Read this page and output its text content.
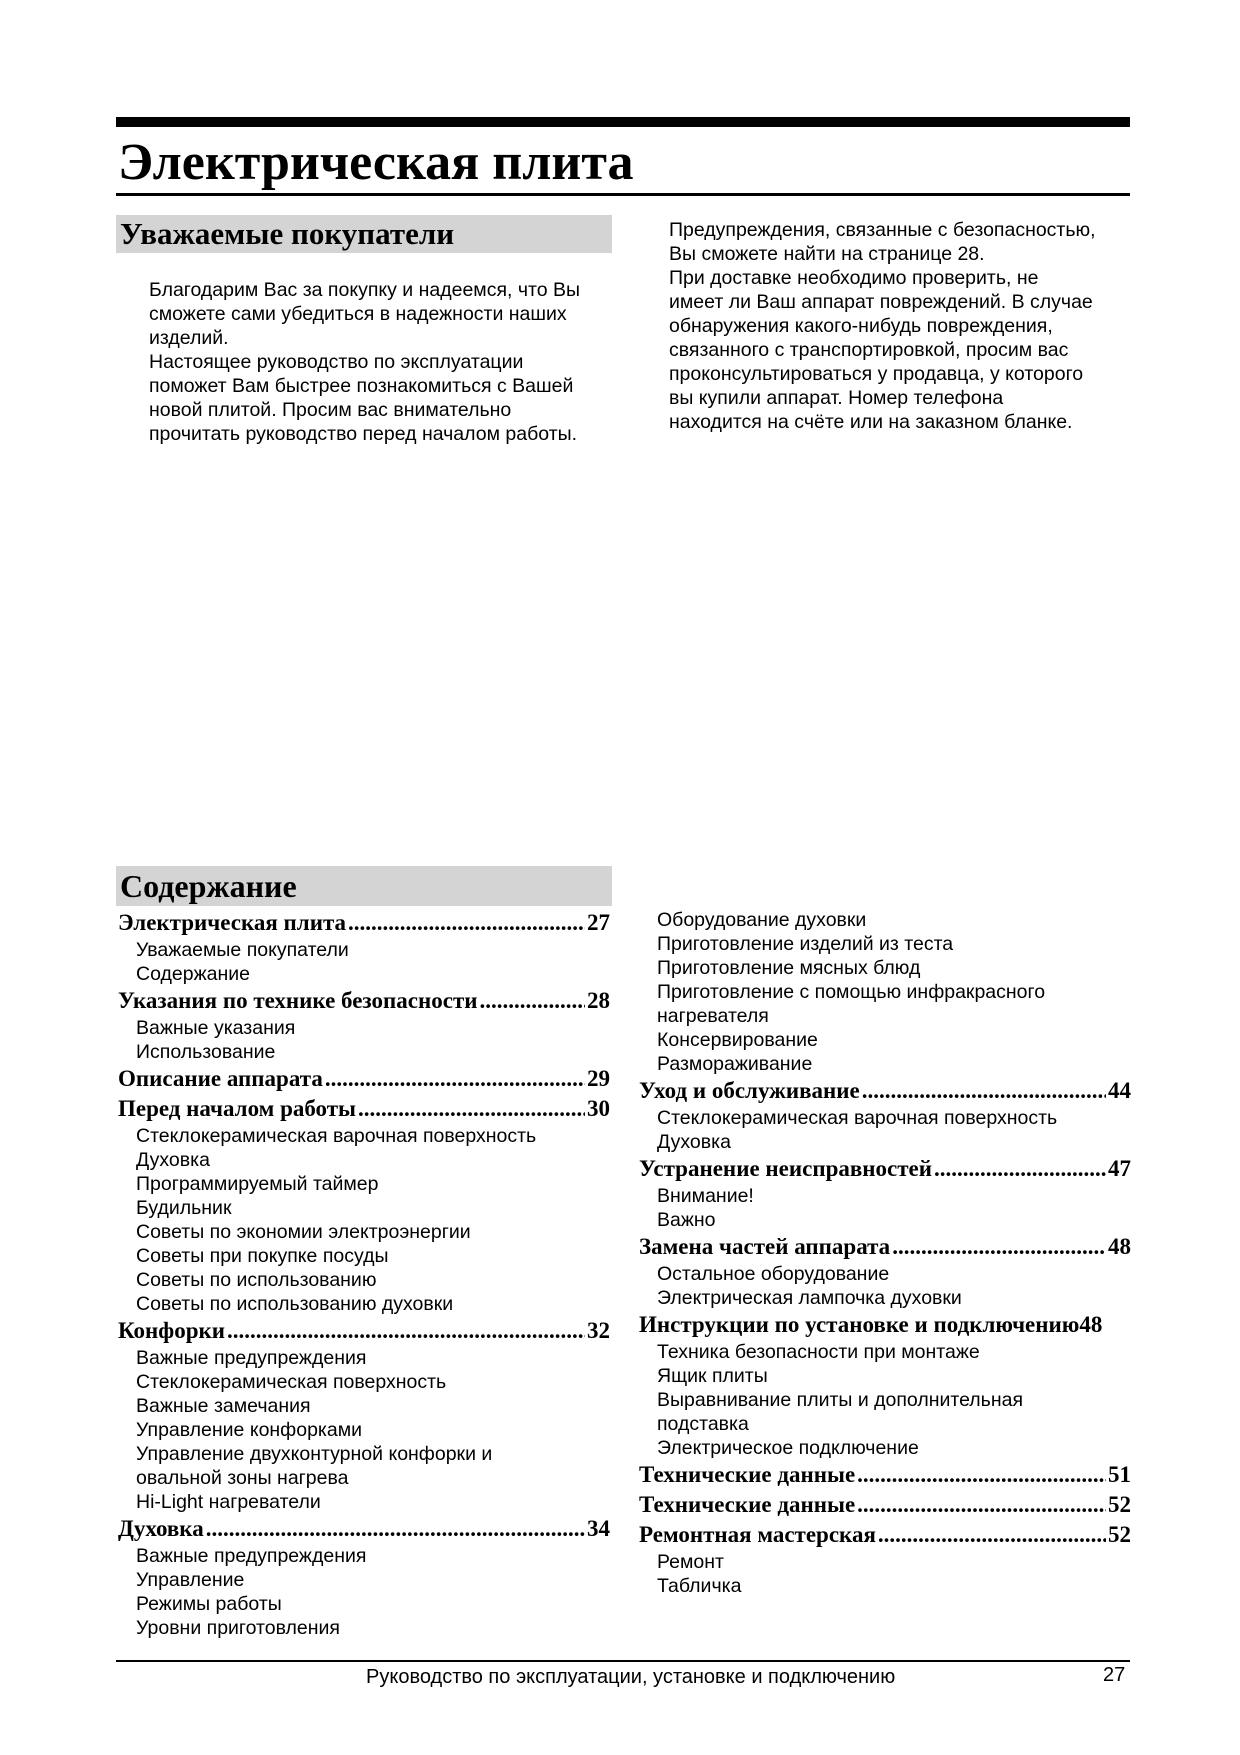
Электрическая плита
Уважаемые покупатели

Благодарим Вас за покупку и надеемся, что Вы

сможете сами убедиться в надежности наших

изделий.

Настоящее руководство по эксплуатации

поможет Вам быстрее познакомиться с Вашей

новой плитой. Просим вас внимательно

прочитать руководство перед началом работы.

Предупреждения, связанные с безопасностью,

Вы сможете найти на странице 28.

При доставке необходимо проверить, не

имеет ли Ваш аппарат повреждений. В случае

обнаружения какого-нибудь повреждения,

связанного с транспортировкой, просим вас

проконсультироваться у продавца, у которого

вы купили аппарат. Номер телефона

находится на счёте или на заказном бланке.

Содержание
Электрическая плита .....	27
Уважаемые покупатели
Содержание
Указания по технике безопасности .....	28
Важные указания
Использование
Описание аппарата .....	29
Перед началом работы .....	30
Стеклокерамическая варочная поверхность
Духовка
Программируемый таймер
Будильник
Советы по экономии электроэнергии
Советы при покупке посуды
Советы по использованию
Советы по использованию духовки
Конфорки .....	32
Важные предупреждения
Стеклокерамическая поверхность
Важные замечания
Управление конфорками
Управление двухконтурной конфорки и
овальной зоны нагрева
Hi-Light нагреватели
Духовка .....	34
Важные предупреждения
Управление
Режимы работы
Уровни приготовления
Оборудование духовки
Приготовление изделий из теста
Приготовление мясных блюд
Приготовление с помощью инфракрасного
нагревателя
Консервирование
Размораживание
Уход и обслуживание .....	44
Стеклокерамическая варочная поверхность
Духовка
Устранение неисправностей .....	47
Внимание!
Важно
Замена частей аппарата .....	48
Остальное оборудование
Электрическая лампочка духовки
Инструкции по установке и подключению 48
Техника безопасности при монтаже
Ящик плиты
Выравнивание плиты и дополнительная
подставка
Электрическое подключение
Технические данные .....	51
Технические данные .....	52
Ремонтная мастерская .....	52
Ремонт
Табличка
Руководство по эксплуатации, установке и подключению	27
